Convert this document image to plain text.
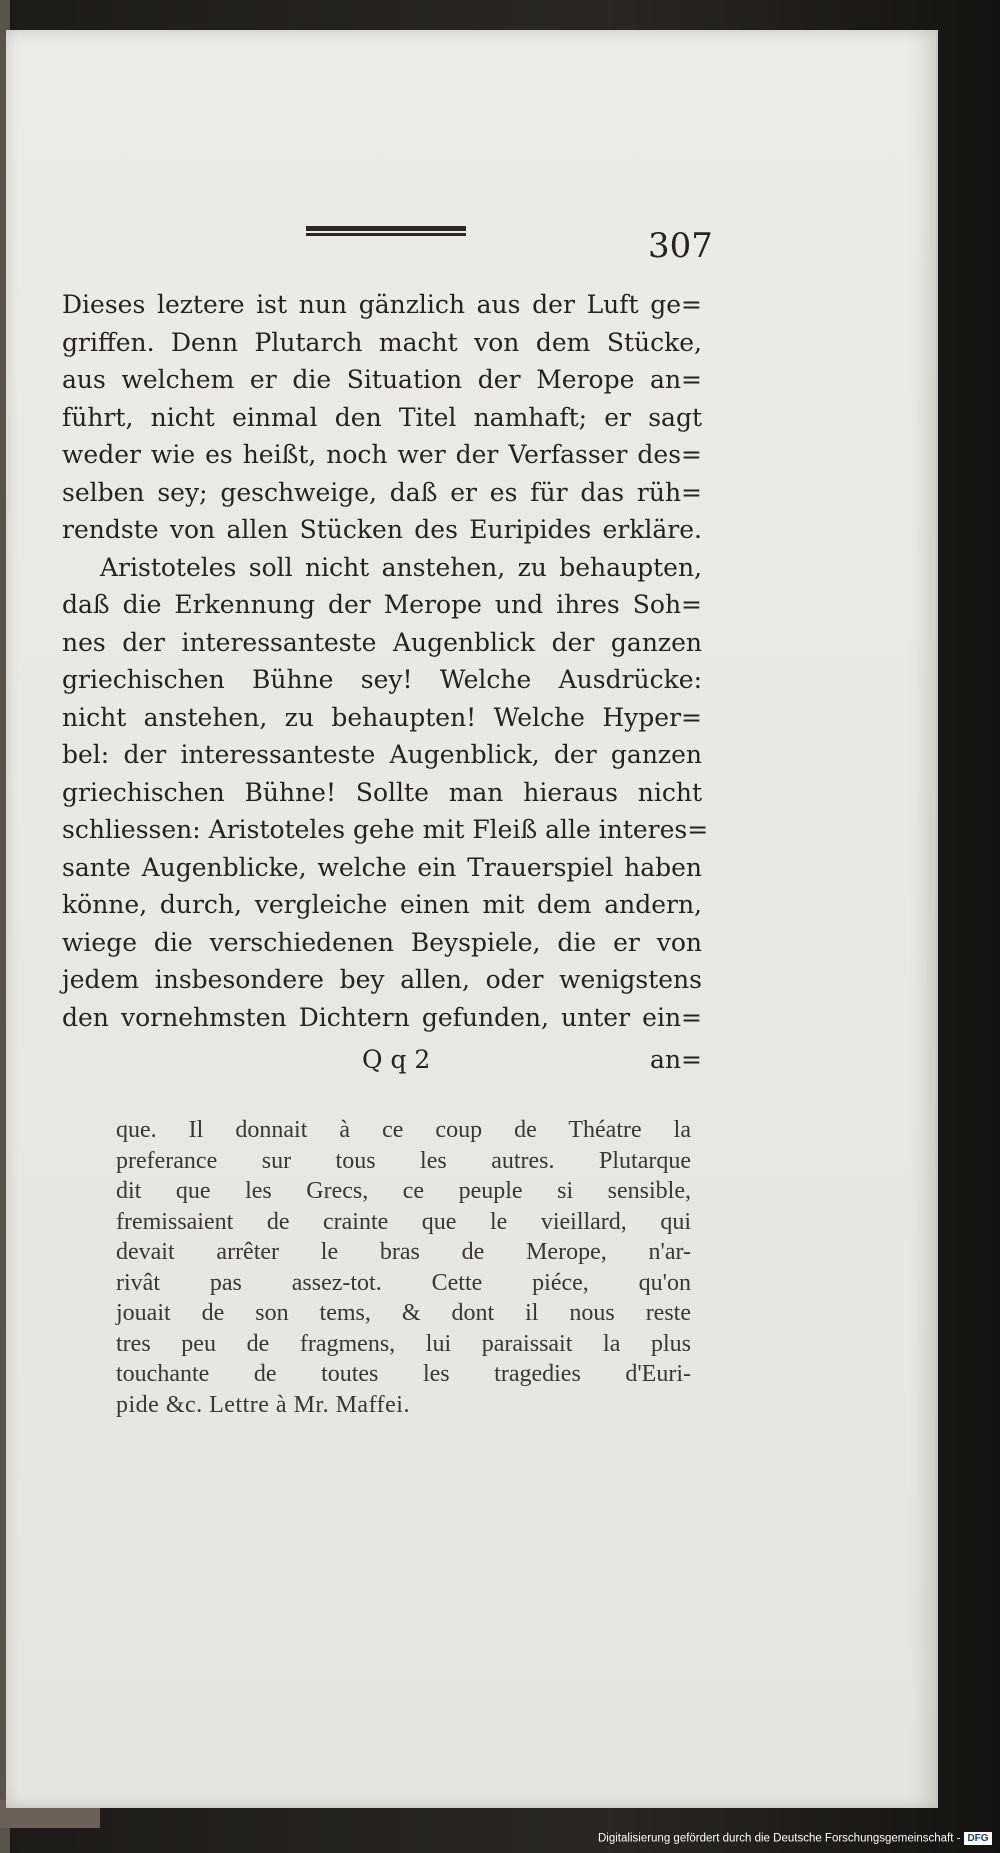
307

Dieses leztere ist nun gänzlich aus der Luft ge=
griffen. Denn Plutarch macht von dem Stücke,
aus welchem er die Situation der Merope an=
führt, nicht einmal den Titel namhaft; er sagt
weder wie es heißt, noch wer der Verfasser des=
selben sey; geschweige, daß er es für das rüh=
rendste von allen Stücken des Euripides erkläre.
Aristoteles soll nicht anstehen, zu behaupten,
daß die Erkennung der Merope und ihres Soh=
nes der interessanteste Augenblick der ganzen
griechischen Bühne sey! Welche Ausdrücke:
nicht anstehen, zu behaupten! Welche Hyper=
bel: der interessanteste Augenblick, der ganzen
griechischen Bühne! Sollte man hieraus nicht
schliessen: Aristoteles gehe mit Fleiß alle interes=
sante Augenblicke, welche ein Trauerspiel haben
könne, durch, vergleiche einen mit dem andern,
wiege die verschiedenen Beyspiele, die er von
jedem insbesondere bey allen, oder wenigstens
den vornehmsten Dichtern gefunden, unter ein=
Q q 2	an=
que. Il donnait à ce coup de Théatre la
preferance sur tous les autres. Plutarque
dit que les Grecs, ce peuple si sensible,
fremissaient de crainte que le vieillard, qui
devait arrêter le bras de Merope, n'ar-
rivât pas assez-tot. Cette piéce, qu'on
jouait de son tems, & dont il nous reste
tres peu de fragmens, lui paraissait la plus
touchante de toutes les tragedies d'Euri-
pide &c. Lettre à Mr. Maffei.
Digitalisierung gefördert durch die Deutsche Forschungsgemeinschaft - DFG
